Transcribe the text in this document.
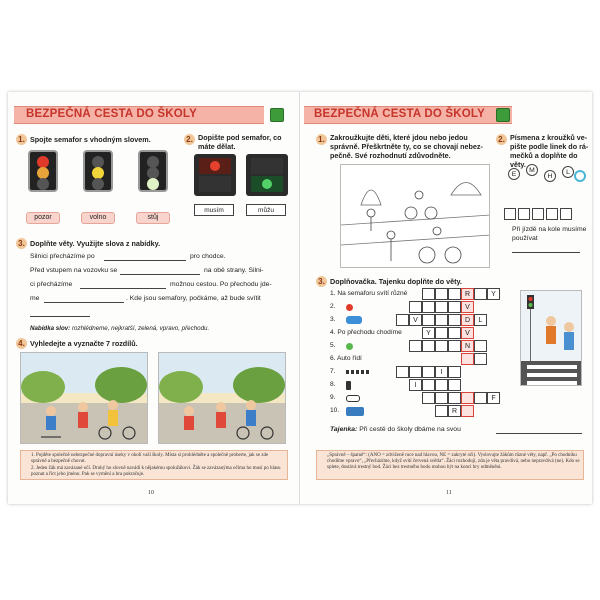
BEZPEČNÁ CESTA DO ŠKOLY
1. Spojte semafor s vhodným slovem.
pozor	volno	stůj
2. Dopište pod semafor, co
máte dělat.
musím	můžu
3. Doplňte věty. Využijte slova z nabídky.
Silnici přecházíme po	pro chodce.
Před vstupem na vozovku se	na obě strany. Silni-
ci přecházíme	možnou cestou. Po přechodu jde-
me	. Kde jsou semafory, počkáme, až bude svítit
Nabídka slov: rozhlédneme, nejkratší, zelená, vpravo, přechodu.
4. Vyhledejte a vyznačte 7 rozdílů.
1. Pojděte společně nebezpečné dopravní úseky v okolí vaší školy. Místa si prohlédněte a společně proberte, jak se zde správně a bezpečně chovat.
2. Jeden žák má zavázané oči. Druhý ho slovně navádí k nějakému spolužákovi. Žák se zavázanýma očima ho musí po hlasu poznat a říct jeho jméno. Pak se vymění a hra pokračuje.
10
BEZPEČNÁ CESTA DO ŠKOLY
1. Zakroužkujte děti, které jdou nebo jedou
správně. Přeškrtněte ty, co se chovají nebez-
pečně. Své rozhodnutí zdůvodněte.
2. Písmena z kroužků ve-
pište podle linek do rá-
mečků a doplňte do věty.
E
M
H
L
Při jízdě na kole musíme
používat
3. Doplňovačka. Tajenku doplňte do věty.
1. Na semaforu svítí různé
2.
3.
4. Po přechodu chodíme
5.
6. Auto řídí
7.
8.
9.
10.
R	Y
V
V	D	L
Y	V
N
I
I
F
R
Tajenka: Při cestě do školy dbáme na svou
„Správně – špatně“: (ANO = zdviženě ruce nad hlavou, NE = zakryté oči). Vyslovujte žákům různé věty, např. „Po chodníku chodíme vpravo“, „Přecházíme, když svítí červená světla“. Žáci rozhodují, zda je věta pravdivá, nebo nepravdivá (ne). Kdo se splete, dostává trestný bod. Žáci bez trestného bodu mohou být na konci hry odměněni.
11
